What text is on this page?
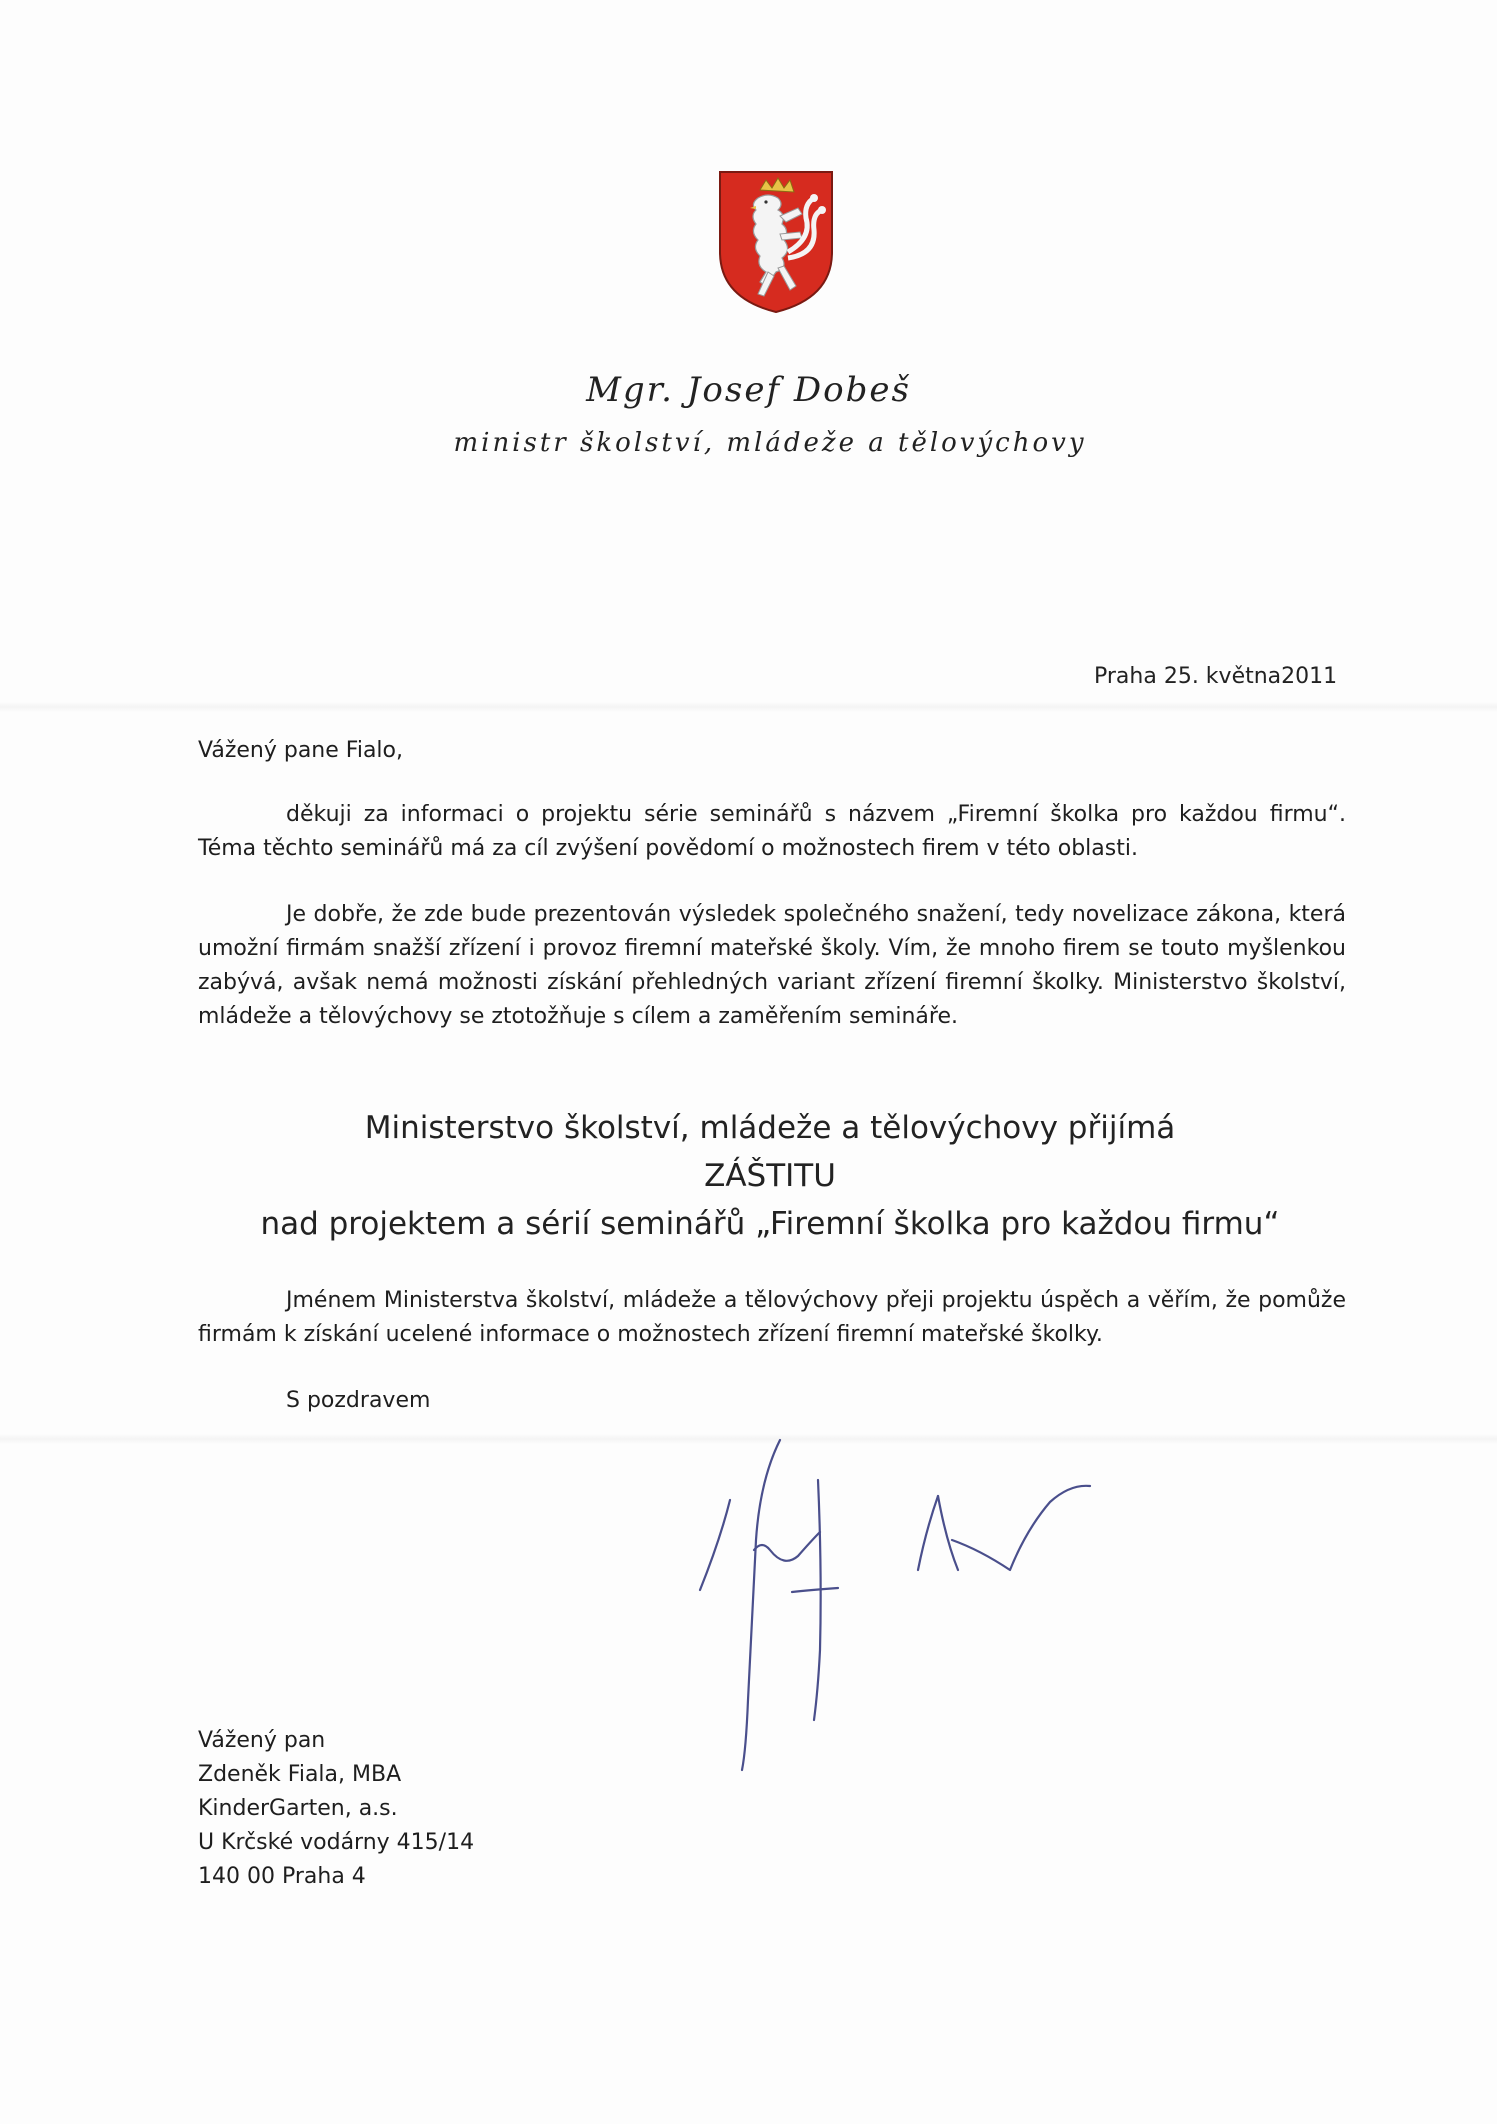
Mgr. Josef Dobeš
ministr školství, mládeže a tělovýchovy
Praha 25. května2011
Vážený pane Fialo,
děkuji za informaci o projektu série seminářů s názvem „Firemní školka pro každou firmu“. Téma těchto seminářů má za cíl zvýšení povědomí o možnostech firem v této oblasti.
Je dobře, že zde bude prezentován výsledek společného snažení, tedy novelizace zákona, která umožní firmám snažší zřízení i provoz firemní mateřské školy. Vím, že mnoho firem se touto myšlenkou zabývá, avšak nemá možnosti získání přehledných variant zřízení firemní školky. Ministerstvo školství, mládeže a tělovýchovy se ztotožňuje s cílem a zaměřením semináře.
Ministerstvo školství, mládeže a tělovýchovy přijímá
ZÁŠTITU
nad projektem a sérií seminářů „Firemní školka pro každou firmu“
Jménem Ministerstva školství, mládeže a tělovýchovy přeji projektu úspěch a věřím, že pomůže firmám k získání ucelené informace o možnostech zřízení firemní mateřské školky.
S pozdravem
Vážený pan
Zdeněk Fiala, MBA
KinderGarten, a.s.
U Krčské vodárny 415/14
140 00 Praha 4
